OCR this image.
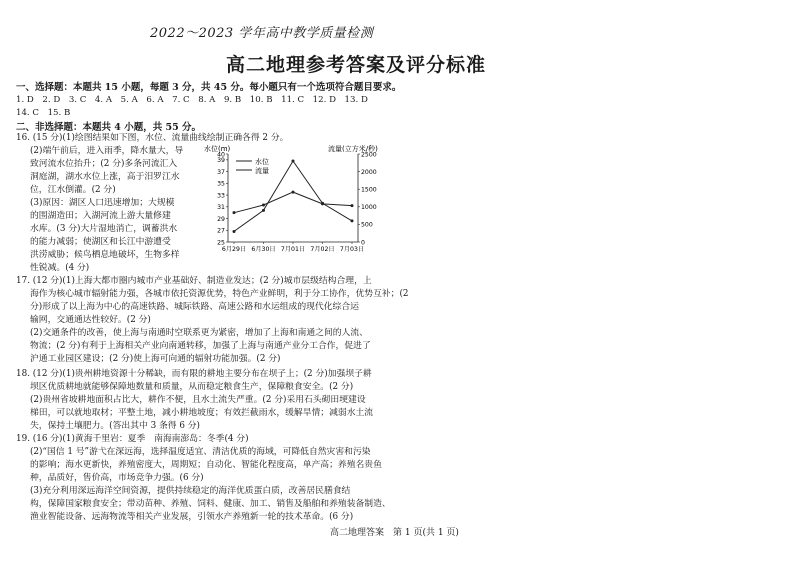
2022～2023 学年高中教学质量检测
高二地理参考答案及评分标准
一、选择题：本题共 15 小题，每题 3 分，共 45 分。每小题只有一个选项符合题目要求。
1. D　2. D　3. C　4. A　5. A　6. A　7. C　8. A　9. B　10. B　11. C　12. D　13. D
14. C　15. B
二、非选择题：本题共 4 小题，共 55 分。
16. (15 分)(1)绘图结果如下图，水位、流量曲线绘制正确各得 2 分。
(2)端午前后，进入雨季，降水量大，导
致河流水位抬升；(2 分)多条河流汇入
洞庭湖，湖水水位上涨，高于汨罗江水
位，江水倒灌。(2 分)
(3)原因：湖区人口迅速增加；大规模
的围湖造田；入湖河流上游大量修建
水库。(3 分)大片湿地消亡，调蓄洪水
的能力减弱；使湖区和长江中游遭受
洪涝威胁；候鸟栖息地破坏，生物多样
性锐减。(4 分)
水位(m)	流量(立方米/秒)
40
39
37
35
33
31
29
27
25
2500
2000
1500
1000
500
0
6月29日 6月30日 7月01日 7月02日 7月03日
水位
流量
17. (12 分)(1)上海大都市圈内城市产业基础好、制造业发达；(2 分)城市层级结构合理，上
海作为核心城市辐射能力强，各城市依托资源优势，特色产业鲜明，利于分工协作，优势互补；(2
分)形成了以上海为中心的高速铁路、城际铁路、高速公路和水运组成的现代化综合运
输网，交通通达性较好。(2 分)
(2)交通条件的改善，使上海与南通时空联系更为紧密，增加了上海和南通之间的人流、
物流；(2 分)有利于上海相关产业向南通转移，加强了上海与南通产业分工合作，促进了
沪通工业园区建设；(2 分)使上海可向通的辐射功能加强。(2 分)
18. (12 分)(1)贵州耕地资源十分稀缺，而有限的耕地主要分布在坝子上；(2 分)加强坝子耕
坝区优质耕地就能够保障地数量和质量，从而稳定粮食生产，保障粮食安全。(2 分)
(2)贵州省坡耕地面积占比大，耕作不便，且水土流失严重。(2 分)采用石头砌田埂建设
梯田，可以就地取材；平整土地，减小耕地坡度；有效拦截雨水，缓解旱情；减弱水土流
失，保持土壤肥力。(答出其中 3 条得 6 分)
19. (16 分)(1)黄海千里岩：夏季　南海南澎岛：冬季(4 分)
(2)“国信 1 号”游弋在深远海，选择温度适宜、清洁优质的海域，可降低自然灾害和污染
的影响；海水更新快，养殖密度大，周期短；自动化、智能化程度高，单产高；养殖名贵鱼
种，品质好，售价高，市场竞争力强。(6 分)
(3)充分利用深远海洋空间资源，提供持续稳定的海洋优质蛋白质，改善居民膳食结
构，保障国家粮食安全；带动苗种、养殖、饲料、健康、加工、销售及船舶和养殖装备制造、
渔业智能设备、远海物流等相关产业发展，引领水产养殖新一轮的技术革命。(6 分)
高二地理答案　第 1 页(共 1 页)
